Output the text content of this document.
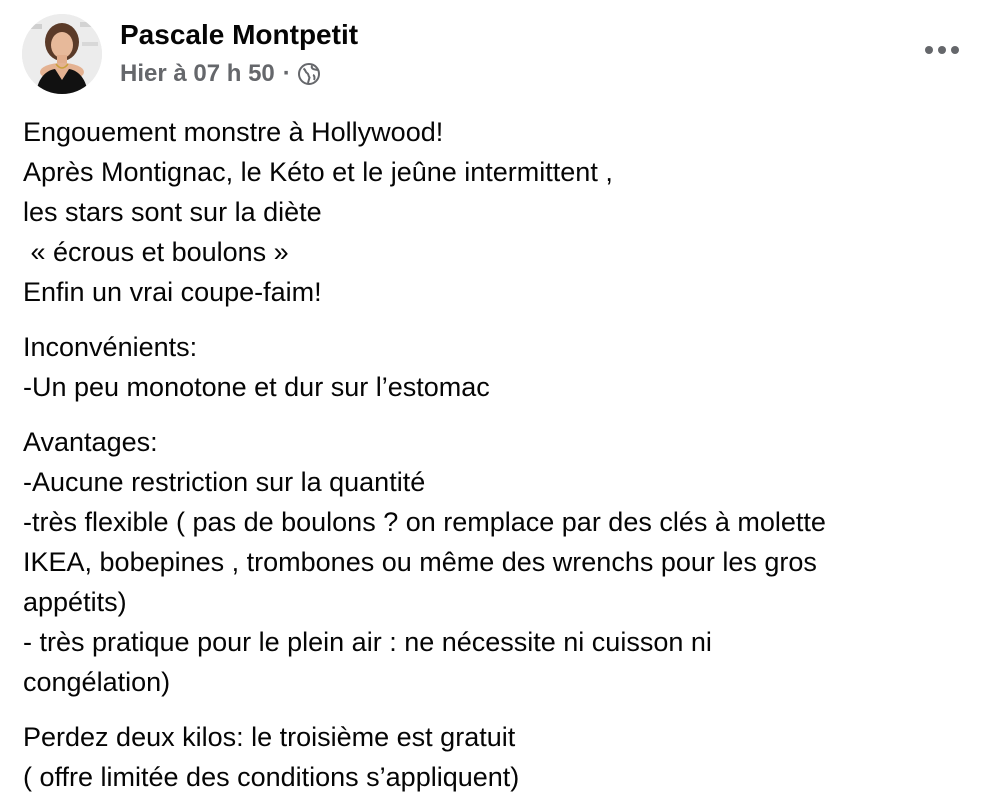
Pascale Montpetit
Hier à 07 h 50 ·
Engouement monstre à Hollywood!
Après Montignac, le Kéto et le jeûne intermittent ,
les stars sont sur la diète
« écrous et boulons »
Enfin un vrai coupe-faim!
Inconvénients:
-Un peu monotone et dur sur l’estomac
Avantages:
-Aucune restriction sur la quantité
-très flexible ( pas de boulons ? on remplace par des clés à molette
IKEA, bobepines , trombones ou même des wrenchs pour les gros
appétits)
- très pratique pour le plein air : ne nécessite ni cuisson ni
congélation)
Perdez deux kilos: le troisième est gratuit
( offre limitée des conditions s’appliquent)
